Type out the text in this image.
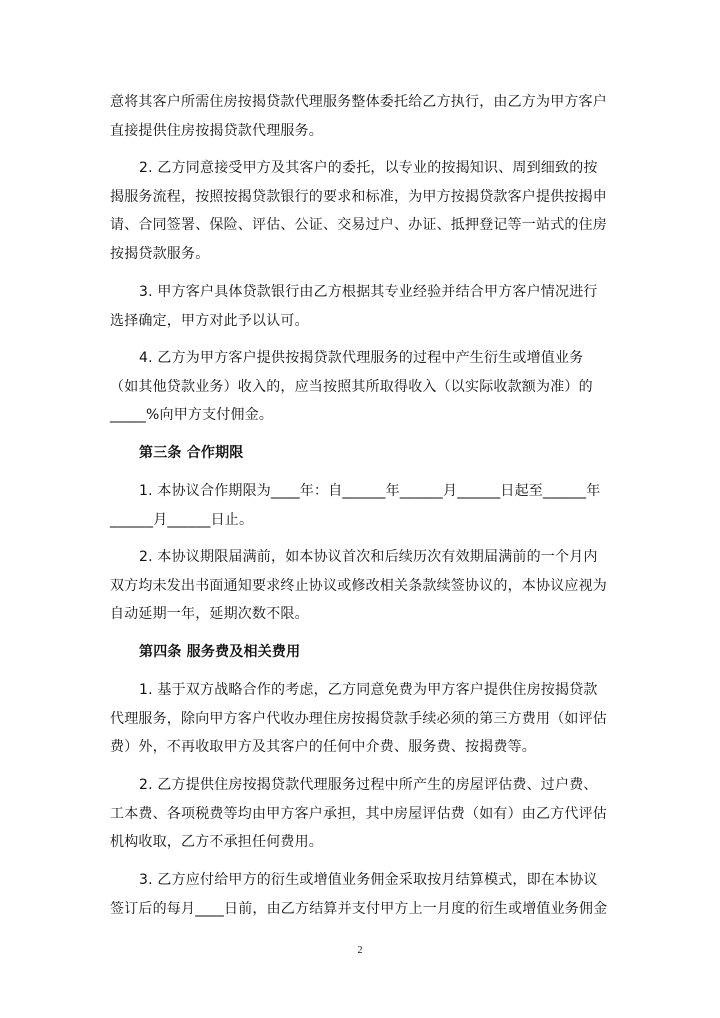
意将其客户所需住房按揭贷款代理服务整体委托给乙方执行，由乙方为甲方客户
直接提供住房按揭贷款代理服务。
2. 乙方同意接受甲方及其客户的委托，以专业的按揭知识、周到细致的按
揭服务流程，按照按揭贷款银行的要求和标准，为甲方按揭贷款客户提供按揭申
请、合同签署、保险、评估、公证、交易过户、办证、抵押登记等一站式的住房
按揭贷款服务。
3. 甲方客户具体贷款银行由乙方根据其专业经验并结合甲方客户情况进行
选择确定，甲方对此予以认可。
4. 乙方为甲方客户提供按揭贷款代理服务的过程中产生衍生或增值业务
（如其他贷款业务）收入的，应当按照其所取得收入（以实际收款额为准）的
_____%向甲方支付佣金。
第三条 合作期限
1. 本协议合作期限为____年：自______年______月______日起至______年
______月______日止。
2. 本协议期限届满前，如本协议首次和后续历次有效期届满前的一个月内
双方均未发出书面通知要求终止协议或修改相关条款续签协议的，本协议应视为
自动延期一年，延期次数不限。
第四条 服务费及相关费用
1. 基于双方战略合作的考虑，乙方同意免费为甲方客户提供住房按揭贷款
代理服务，除向甲方客户代收办理住房按揭贷款手续必须的第三方费用（如评估
费）外，不再收取甲方及其客户的任何中介费、服务费、按揭费等。
2. 乙方提供住房按揭贷款代理服务过程中所产生的房屋评估费、过户费、
工本费、各项税费等均由甲方客户承担，其中房屋评估费（如有）由乙方代评估
机构收取，乙方不承担任何费用。
3. 乙方应付给甲方的衍生或增值业务佣金采取按月结算模式，即在本协议
签订后的每月____日前，由乙方结算并支付甲方上一月度的衍生或增值业务佣金
2
